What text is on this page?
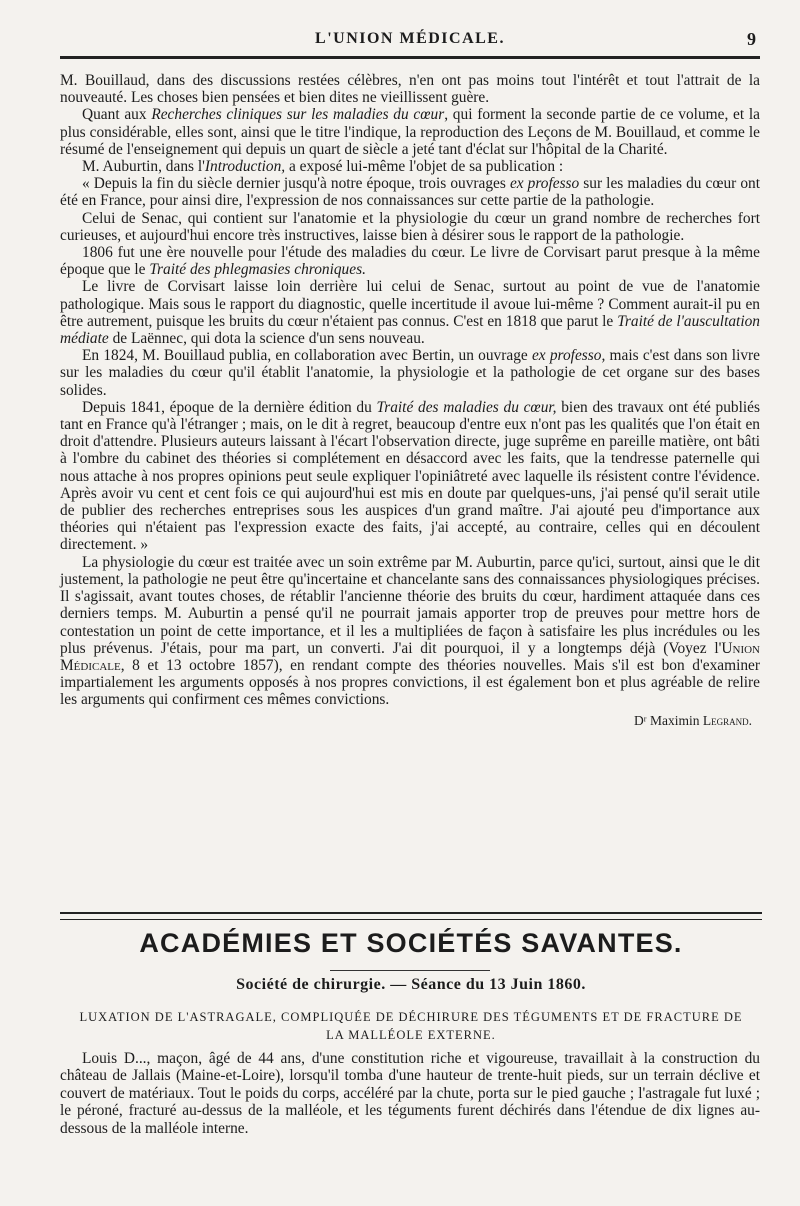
L'UNION MÉDICALE.	9

M. Bouillaud, dans des discussions restées célèbres, n'en ont pas moins tout l'intérêt et tout l'attrait de la nouveauté. Les choses bien pensées et bien dites ne vieillissent guère.

Quant aux Recherches cliniques sur les maladies du cœur, qui forment la seconde partie de ce volume, et la plus considérable, elles sont, ainsi que le titre l'indique, la reproduction des Leçons de M. Bouillaud, et comme le résumé de l'enseignement qui depuis un quart de siècle a jeté tant d'éclat sur l'hôpital de la Charité.

M. Auburtin, dans l'Introduction, a exposé lui-même l'objet de sa publication :

« Depuis la fin du siècle dernier jusqu'à notre époque, trois ouvrages ex professo sur les maladies du cœur ont été en France, pour ainsi dire, l'expression de nos connaissances sur cette partie de la pathologie.

Celui de Senac, qui contient sur l'anatomie et la physiologie du cœur un grand nombre de recherches fort curieuses, et aujourd'hui encore très instructives, laisse bien à désirer sous le rapport de la pathologie.

1806 fut une ère nouvelle pour l'étude des maladies du cœur. Le livre de Corvisart parut presque à la même époque que le Traité des phlegmasies chroniques.

Le livre de Corvisart laisse loin derrière lui celui de Senac, surtout au point de vue de l'anatomie pathologique. Mais sous le rapport du diagnostic, quelle incertitude il avoue lui-même ? Comment aurait-il pu en être autrement, puisque les bruits du cœur n'étaient pas connus. C'est en 1818 que parut le Traité de l'auscultation médiate de Laënnec, qui dota la science d'un sens nouveau.

En 1824, M. Bouillaud publia, en collaboration avec Bertin, un ouvrage ex professo, mais c'est dans son livre sur les maladies du cœur qu'il établit l'anatomie, la physiologie et la pathologie de cet organe sur des bases solides.

Depuis 1841, époque de la dernière édition du Traité des maladies du cœur, bien des travaux ont été publiés tant en France qu'à l'étranger ; mais, on le dit à regret, beaucoup d'entre eux n'ont pas les qualités que l'on était en droit d'attendre. Plusieurs auteurs laissant à l'écart l'observation directe, juge suprême en pareille matière, ont bâti à l'ombre du cabinet des théories si complétement en désaccord avec les faits, que la tendresse paternelle qui nous attache à nos propres opinions peut seule expliquer l'opiniâtreté avec laquelle ils résistent contre l'évidence. Après avoir vu cent et cent fois ce qui aujourd'hui est mis en doute par quelques-uns, j'ai pensé qu'il serait utile de publier des recherches entreprises sous les auspices d'un grand maître. J'ai ajouté peu d'importance aux théories qui n'étaient pas l'expression exacte des faits, j'ai accepté, au contraire, celles qui en découlent directement. »

La physiologie du cœur est traitée avec un soin extrême par M. Auburtin, parce qu'ici, surtout, ainsi que le dit justement, la pathologie ne peut être qu'incertaine et chancelante sans des connaissances physiologiques précises. Il s'agissait, avant toutes choses, de rétablir l'ancienne théorie des bruits du cœur, hardiment attaquée dans ces derniers temps. M. Auburtin a pensé qu'il ne pourrait jamais apporter trop de preuves pour mettre hors de contestation un point de cette importance, et il les a multipliées de façon à satisfaire les plus incrédules ou les plus prévenus. J'étais, pour ma part, un converti. J'ai dit pourquoi, il y a longtemps déjà (Voyez l'Union Médicale, 8 et 13 octobre 1857), en rendant compte des théories nouvelles. Mais s'il est bon d'examiner impartialement les arguments opposés à nos propres convictions, il est également bon et plus agréable de relire les arguments qui confirment ces mêmes convictions.

Dʳ Maximin Legrand.
ACADÉMIES ET SOCIÉTÉS SAVANTES.
Société de chirurgie. — Séance du 13 Juin 1860.
LUXATION DE L'ASTRAGALE, COMPLIQUÉE DE DÉCHIRURE DES TÉGUMENTS ET DE FRACTURE DE
LA MALLÉOLE EXTERNE.

Louis D..., maçon, âgé de 44 ans, d'une constitution riche et vigoureuse, travaillait à la construction du château de Jallais (Maine-et-Loire), lorsqu'il tomba d'une hauteur de trente-huit pieds, sur un terrain déclive et couvert de matériaux. Tout le poids du corps, accéléré par la chute, porta sur le pied gauche ; l'astragale fut luxé ; le péroné, fracturé au-dessus de la malléole, et les téguments furent déchirés dans l'étendue de dix lignes au-dessous de la malléole interne.
